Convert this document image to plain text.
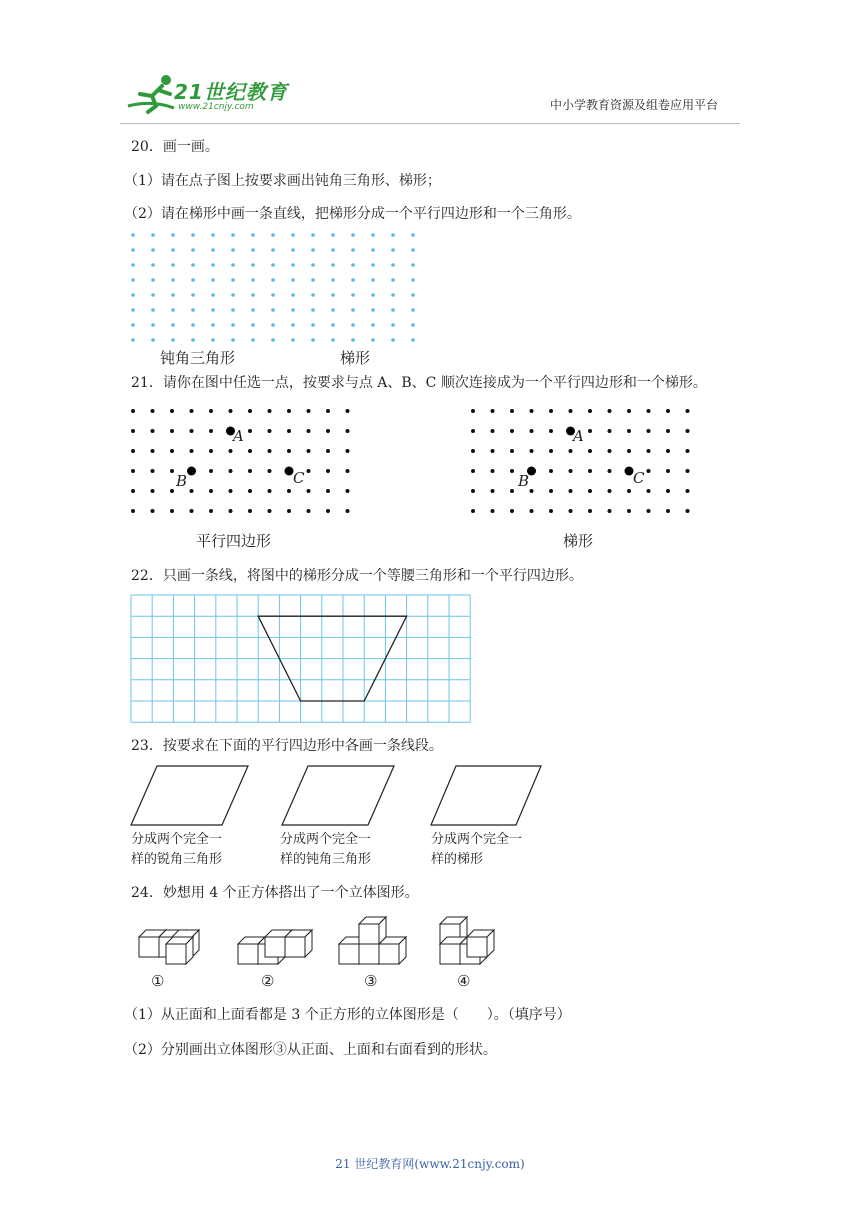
21世纪教育
www.21cnjy.com	中小学教育资源及组卷应用平台
20．画一画。
（1）请在点子图上按要求画出钝角三角形、梯形；
（2）请在梯形中画一条直线，把梯形分成一个平行四边形和一个三角形。
钝角三角形	梯形
21．请你在图中任选一点，按要求与点 A、B、C 顺次连接成为一个平行四边形和一个梯形。
A
B	C
A
B	C
平行四边形	梯形
22．只画一条线，将图中的梯形分成一个等腰三角形和一个平行四边形。
23．按要求在下面的平行四边形中各画一条线段。
分成两个完全一
样的锐角三角形
分成两个完全一
样的钝角三角形
分成两个完全一
样的梯形
24．妙想用 4 个正方体搭出了一个立体图形。
①	②	③	④
（1）从正面和上面看都是 3 个正方形的立体图形是（　　）。（填序号）
（2）分别画出立体图形③从正面、上面和右面看到的形状。
21 世纪教育网(www.21cnjy.com)
